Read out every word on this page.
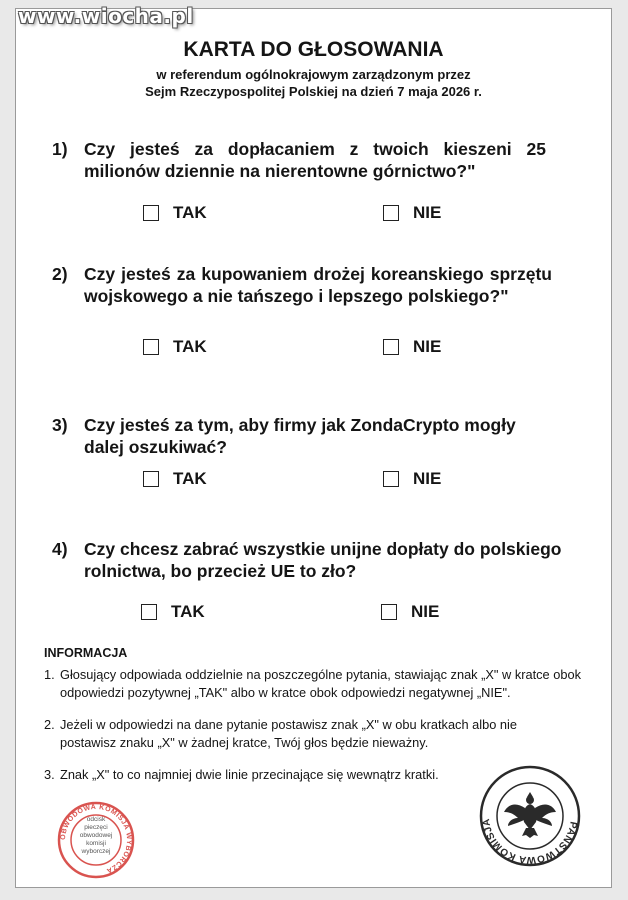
www.wiocha.pl
KARTA DO GŁOSOWANIA
w referendum ogólnokrajowym zarządzonym przez
Sejm Rzeczypospolitej Polskiej na dzień 7 maja 2026 r.
1) Czy jesteś za dopłacaniem z twoich kieszeni 25 milionów dziennie na nierentowne górnictwo?"
TAK	NIE
2) Czy jesteś za kupowaniem drożej koreanskiego sprzętu wojskowego a nie tańszego i lepszego polskiego?"
TAK	NIE
3) Czy jesteś za tym, aby firmy jak ZondaCrypto mogły dalej oszukiwać?
TAK	NIE
4) Czy chcesz zabrać wszystkie unijne dopłaty do polskiego rolnictwa, bo przecież UE to zło?
TAK	NIE
INFORMACJA
1. Głosujący odpowiada oddzielnie na poszczególne pytania, stawiając znak „X" w kratce obok odpowiedzi pozytywnej „TAK" albo w kratce obok odpowiedzi negatywnej „NIE".
2. Jeżeli w odpowiedzi na dane pytanie postawisz znak „X" w obu kratkach albo nie postawisz znaku „X" w żadnej kratce, Twój głos będzie nieważny.
3. Znak „X" to co najmniej dwie linie przecinające się wewnątrz kratki.
OBWODOWA KOMISJA WYBORCZA
odcisk pieczęci obwodowej komisji wyborczej
PAŃSTWOWA KOMISJA
